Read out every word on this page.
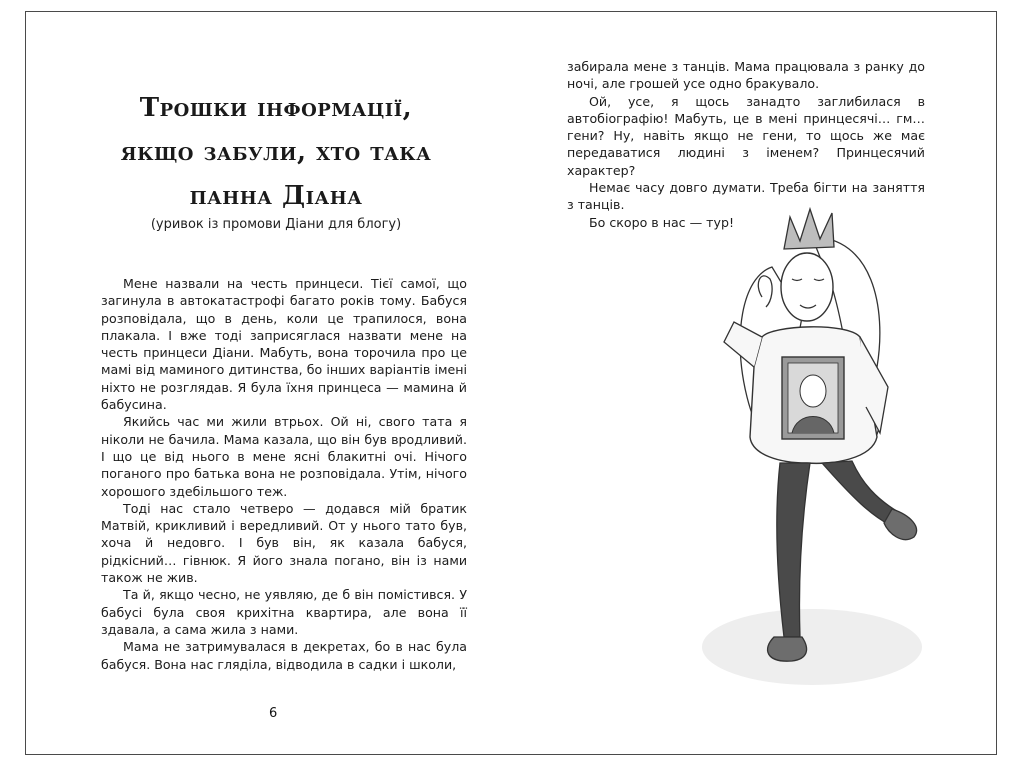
Трошки інформації,
якщо забули, хто така
панна Діана
(уривок із промови Діани для блогу)

Мене назвали на честь принцеси. Тієї самої, що загинула в автокатастрофі багато років тому. Бабуся розповідала, що в день, коли це трапилося, вона плакала. І вже тоді заприсяглася назвати мене на честь принцеси Діани. Мабуть, вона торочила про це мамі від маминого дитинства, бо інших варіантів імені ніхто не розглядав. Я була їхня принцеса — мамина й бабусина.

Якийсь час ми жили втрьох. Ой ні, свого тата я ніколи не бачила. Мама казала, що він був вродливий. І що це від нього в мене ясні блакитні очі. Нічого поганого про батька вона не розповідала. Утім, нічого хорошого здебільшого теж.

Тоді нас стало четверо — додався мій братик Матвій, крикливий і вередливий. От у нього тато був, хоча й недовго. І був він, як казала бабуся, рідкісний… гівнюк. Я його знала погано, він із нами також не жив.

Та й, якщо чесно, не уявляю, де б він помістився. У бабусі була своя крихітна квартира, але вона її здавала, а сама жила з нами.

Мама не затримувалася в декретах, бо в нас була бабуся. Вона нас гляділа, відводила в садки і школи,

6

забирала мене з танців. Мама працювала з ранку до ночі, але грошей усе одно бракувало.

Ой, усе, я щось занадто заглибилася в автобіографію! Мабуть, це в мені принцесячі… гм… гени? Ну, навіть якщо не гени, то щось же має передаватися людині з іменем? Принцесячий характер?

Немає часу довго думати. Треба бігти на заняття з танців.

Бо скоро в нас — тур!
